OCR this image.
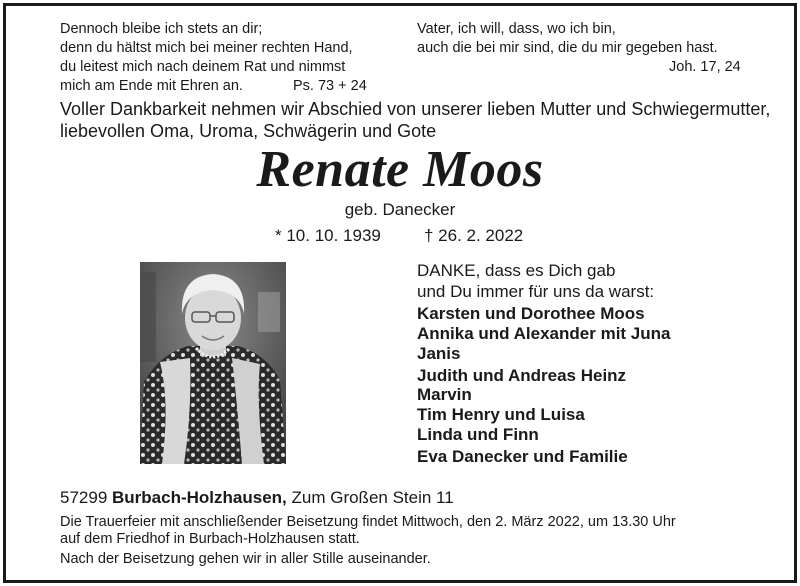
Dennoch bleibe ich stets an dir;
denn du hältst mich bei meiner rechten Hand,
du leitest mich nach deinem Rat und nimmst
mich am Ende mit Ehren an.	Ps. 73 + 24
Vater, ich will, dass, wo ich bin,
auch die bei mir sind, die du mir gegeben hast.
Joh. 17, 24
Voller Dankbarkeit nehmen wir Abschied von unserer lieben Mutter und Schwiegermutter,
liebevollen Oma, Uroma, Schwägerin und Gote
Renate Moos
geb. Danecker
* 10. 10. 1939	† 26. 2. 2022
DANKE, dass es Dich gab
und Du immer für uns da warst:
Karsten und Dorothee Moos
Annika und Alexander mit Juna
Janis
Judith und Andreas Heinz
Marvin
Tim Henry und Luisa
Linda und Finn
Eva Danecker und Familie
57299 Burbach-Holzhausen, Zum Großen Stein 11
Die Trauerfeier mit anschließender Beisetzung findet Mittwoch, den 2. März 2022, um 13.30 Uhr
auf dem Friedhof in Burbach-Holzhausen statt.
Nach der Beisetzung gehen wir in aller Stille auseinander.
